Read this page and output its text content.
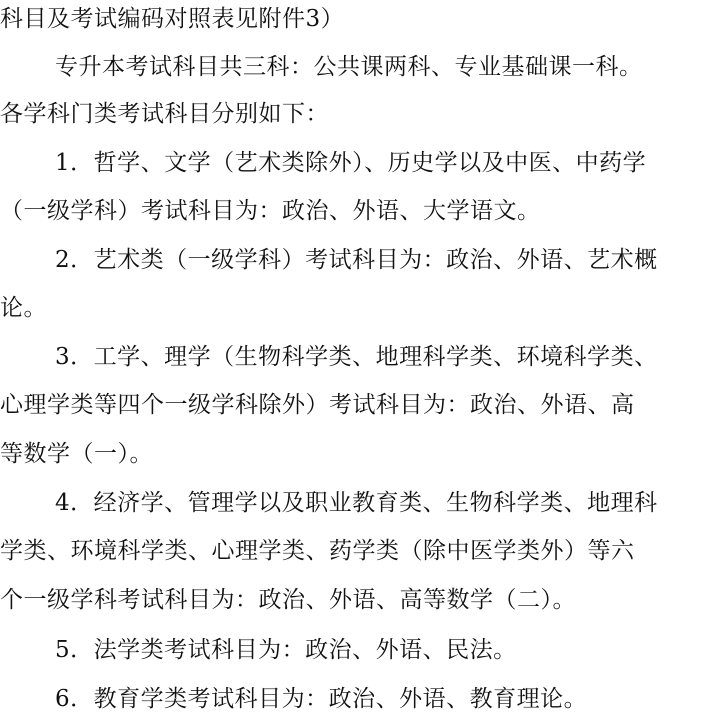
科目及考试编码对照表见附件3）
专升本考试科目共三科：公共课两科、专业基础课一科。
各学科门类考试科目分别如下：
1．哲学、文学（艺术类除外）、历史学以及中医、中药学
（一级学科）考试科目为：政治、外语、大学语文。
2．艺术类（一级学科）考试科目为：政治、外语、艺术概
论。
3．工学、理学（生物科学类、地理科学类、环境科学类、
心理学类等四个一级学科除外）考试科目为：政治、外语、高
等数学（一）。
4．经济学、管理学以及职业教育类、生物科学类、地理科
学类、环境科学类、心理学类、药学类（除中医学类外）等六
个一级学科考试科目为：政治、外语、高等数学（二）。
5．法学类考试科目为：政治、外语、民法。
6．教育学类考试科目为：政治、外语、教育理论。
